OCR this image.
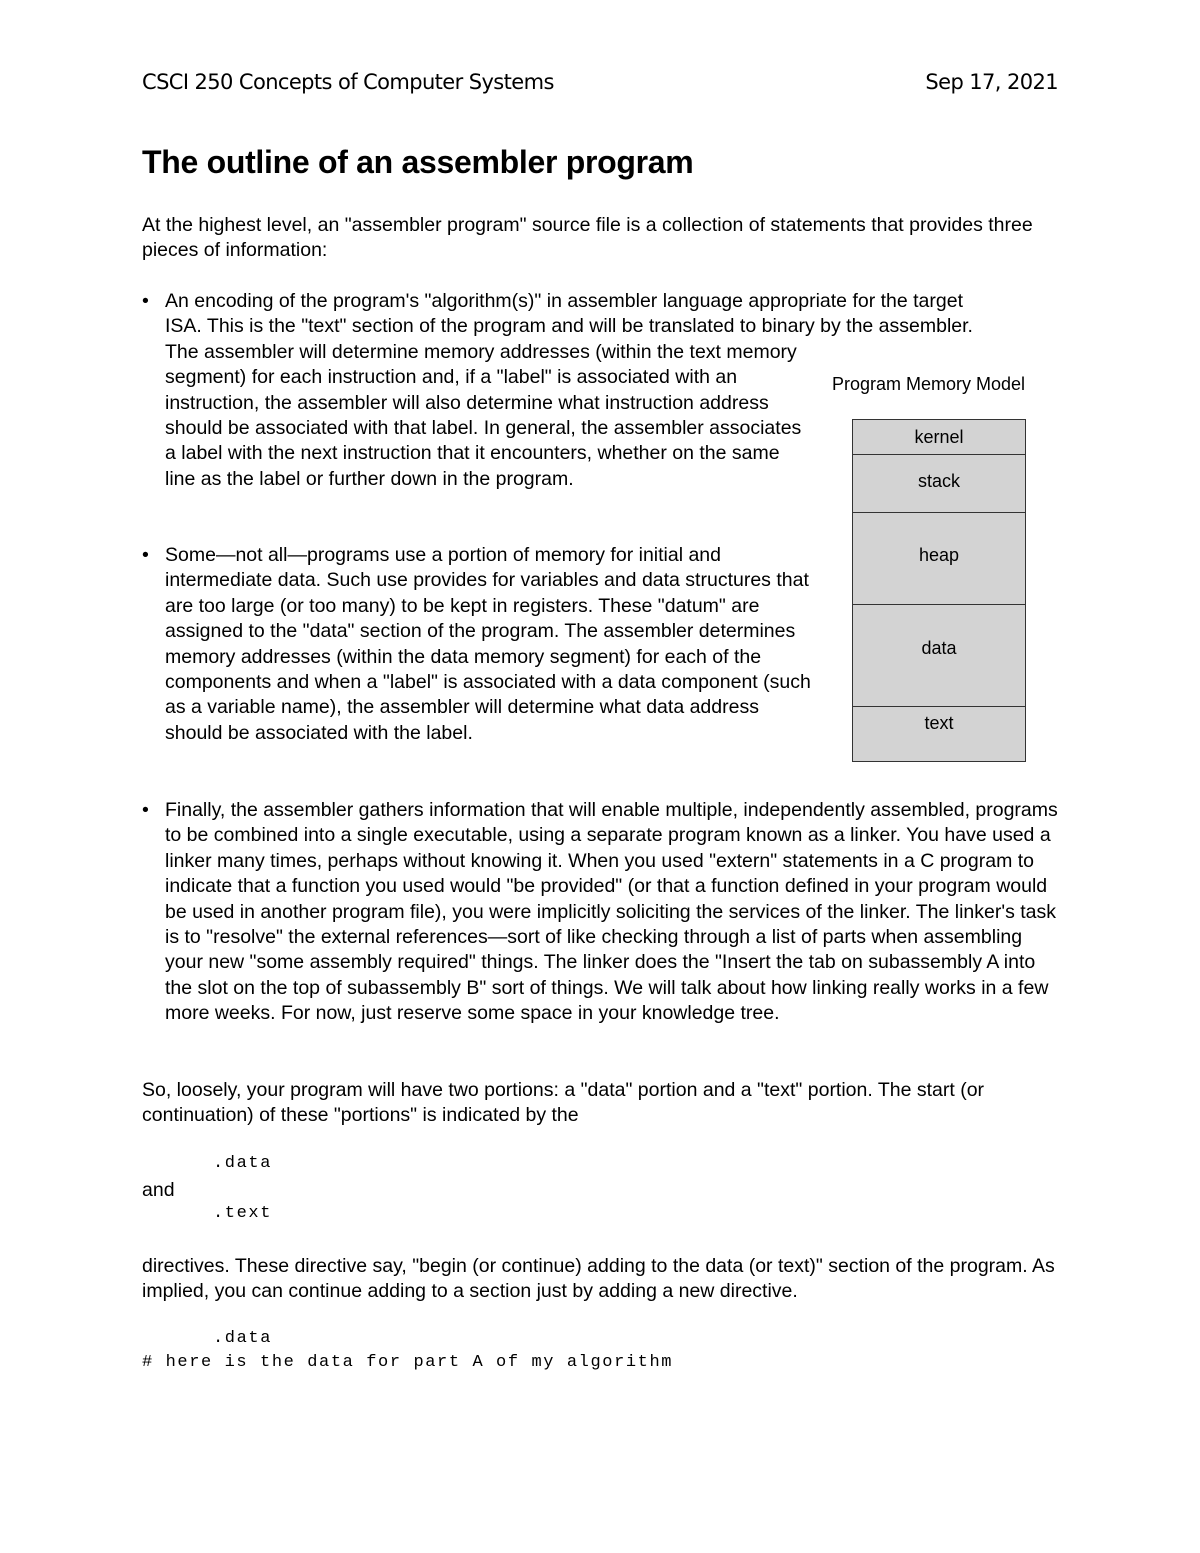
CSCI 250 Concepts of Computer Systems	Sep 17, 2021
The outline of an assembler program

At the highest level, an "assembler program" source file is a collection of statements that provides three pieces of information:

• An encoding of the program's "algorithm(s)" in assembler language appropriate for the target
ISA. This is the "text" section of the program and will be translated to binary by the assembler.
The assembler will determine memory addresses (within the text memory segment) for each instruction and, if a "label" is associated with an instruction, the assembler will also determine what instruction address should be associated with that label. In general, the assembler associates a label with the next instruction that it encounters, whether on the same line as the label or further down in the program.
• Some—not all—programs use a portion of memory for initial and intermediate data. Such use provides for variables and data structures that are too large (or too many) to be kept in registers. These "datum" are assigned to the "data" section of the program. The assembler determines memory addresses (within the data memory segment) for each of the components and when a "label" is associated with a data component (such as a variable name), the assembler will determine what data address should be associated with the label.

• Finally, the assembler gathers information that will enable multiple, independently assembled, programs to be combined into a single executable, using a separate program known as a linker. You have used a linker many times, perhaps without knowing it. When you used "extern" statements in a C program to indicate that a function you used would "be provided" (or that a function defined in your program would be used in another program file), you were implicitly soliciting the services of the linker. The linker's task is to "resolve" the external references—sort of like checking through a list of parts when assembling your new "some assembly required" things. The linker does the "Insert the tab on subassembly A into the slot on the top of subassembly B" sort of things. We will talk about how linking really works in a few more weeks. For now, just reserve some space in your knowledge tree.

So, loosely, your program will have two portions: a "data" portion and a "text" portion. The start (or continuation) of these "portions" is indicated by the

.data

and

.text

directives. These directive say, "begin (or continue) adding to the data (or text)" section of the program. As implied, you can continue adding to a section just by adding a new directive.

.data
# here is the data for part A of my algorithm
Program Memory Model
kernel
stack
heap
data
text
